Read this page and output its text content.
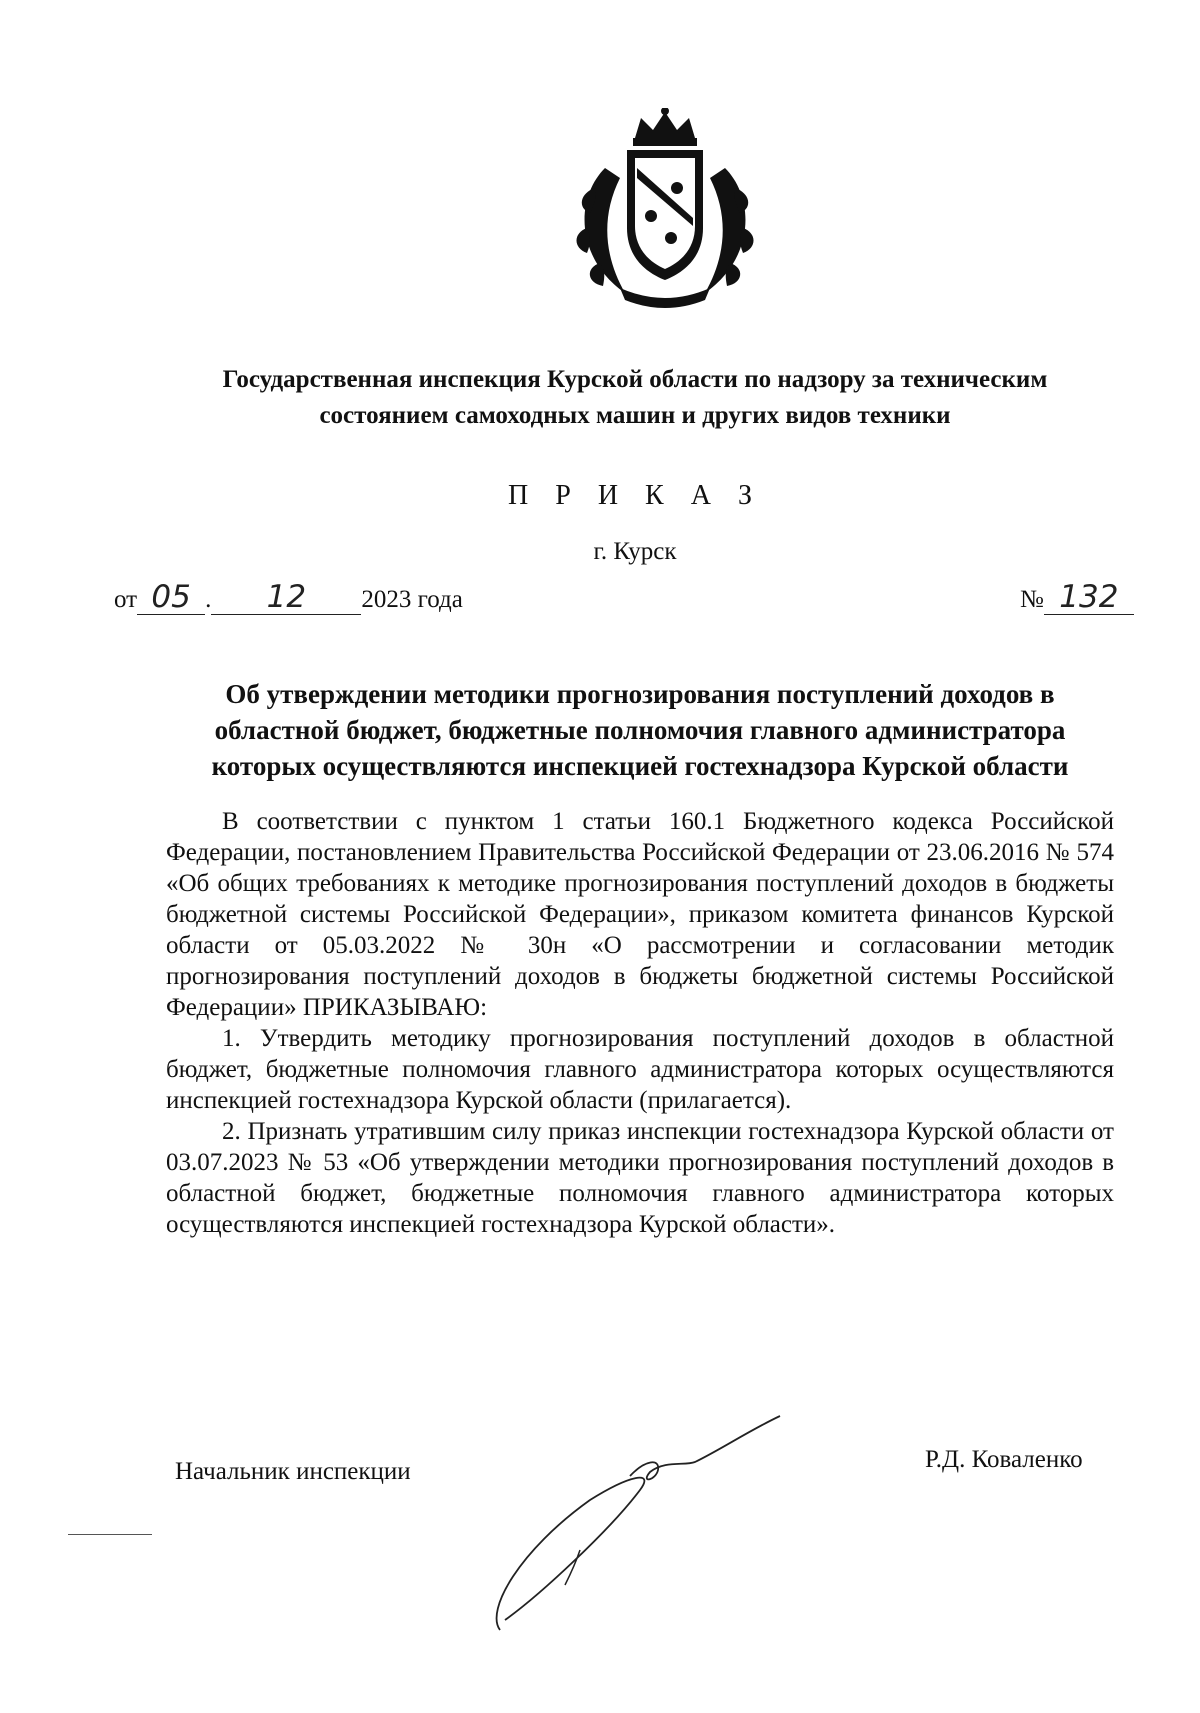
Государственная инспекция Курской области по надзору за техническим
состоянием самоходных машин и других видов техники
П Р И К А З
г. Курск
от 05 . 12 2023 года	№ 132
Об утверждении методики прогнозирования поступлений доходов в
областной бюджет, бюджетные полномочия главного администратора
которых осуществляются инспекцией гостехнадзора Курской области

В соответствии с пунктом 1 статьи 160.1 Бюджетного кодекса Российской Федерации, постановлением Правительства Российской Федерации от 23.06.2016 № 574 «Об общих требованиях к методике прогнозирования поступлений доходов в бюджеты бюджетной системы Российской Федерации», приказом комитета финансов Курской области от 05.03.2022 № 30н «О рассмотрении и согласовании методик прогнозирования поступлений доходов в бюджеты бюджетной системы Российской Федерации» ПРИКАЗЫВАЮ:

1. Утвердить методику прогнозирования поступлений доходов в областной бюджет, бюджетные полномочия главного администратора которых осуществляются инспекцией гостехнадзора Курской области (прилагается).

2. Признать утратившим силу приказ инспекции гостехнадзора Курской области от 03.07.2023 № 53 «Об утверждении методики прогнозирования поступлений доходов в областной бюджет, бюджетные полномочия главного администратора которых осуществляются инспекцией гостехнадзора Курской области».

Начальник инспекции	Р.Д. Коваленко
